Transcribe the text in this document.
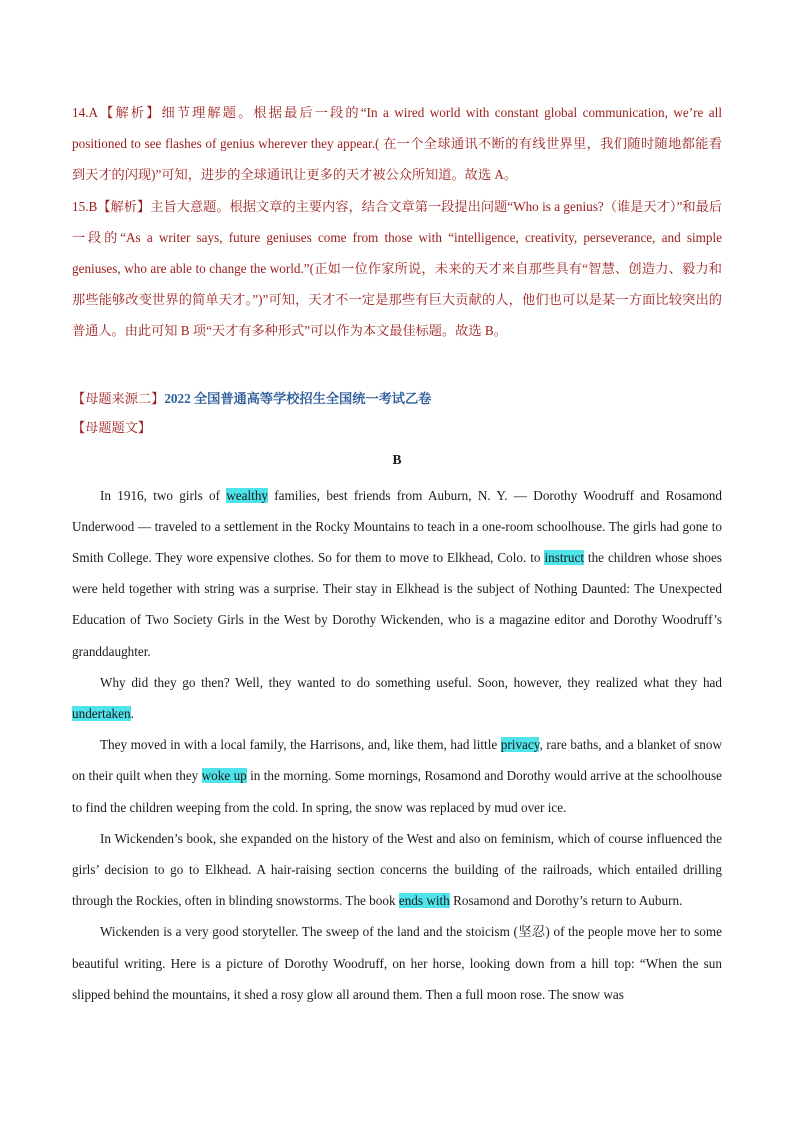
14.A【解析】细节理解题。根据最后一段的“In a wired world with constant global communication, we’re all positioned to see flashes of genius wherever they appear.( 在一个全球通讯不断的有线世界里，我们随时随地都能看到天才的闪现)”可知，进步的全球通讯让更多的天才被公众所知道。故选 A。

15.B【解析】主旨大意题。根据文章的主要内容，结合文章第一段提出问题“Who is a genius?（谁是天才）”和最后一段的“As a writer says, future geniuses come from those with “intelligence, creativity, perseverance, and simple geniuses, who are able to change the world.”(正如一位作家所说，未来的天才来自那些具有“智慧、创造力、毅力和那些能够改变世界的简单天才。”)”可知，天才不一定是那些有巨大贡献的人，他们也可以是某一方面比较突出的普通人。由此可知 B 项“天才有多种形式”可以作为本文最佳标题。故选 B。

【母题来源二】2022 全国普通高等学校招生全国统一考试乙卷
【母题题文】
B

In 1916, two girls of wealthy families, best friends from Auburn, N. Y. — Dorothy Woodruff and Rosamond Underwood — traveled to a settlement in the Rocky Mountains to teach in a one-room schoolhouse. The girls had gone to Smith College. They wore expensive clothes. So for them to move to Elkhead, Colo. to instruct the children whose shoes were held together with string was a surprise. Their stay in Elkhead is the subject of Nothing Daunted: The Unexpected Education of Two Society Girls in the West by Dorothy Wickenden, who is a magazine editor and Dorothy Woodruff’s granddaughter.

Why did they go then? Well, they wanted to do something useful. Soon, however, they realized what they had undertaken.

They moved in with a local family, the Harrisons, and, like them, had little privacy, rare baths, and a blanket of snow on their quilt when they woke up in the morning. Some mornings, Rosamond and Dorothy would arrive at the schoolhouse to find the children weeping from the cold. In spring, the snow was replaced by mud over ice.

In Wickenden’s book, she expanded on the history of the West and also on feminism, which of course influenced the girls’ decision to go to Elkhead. A hair-raising section concerns the building of the railroads, which entailed drilling through the Rockies, often in blinding snowstorms. The book ends with Rosamond and Dorothy’s return to Auburn.

Wickenden is a very good storyteller. The sweep of the land and the stoicism (坚忍) of the people move her to some beautiful writing. Here is a picture of Dorothy Woodruff, on her horse, looking down from a hill top: “When the sun slipped behind the mountains, it shed a rosy glow all around them. Then a full moon rose. The snow was
